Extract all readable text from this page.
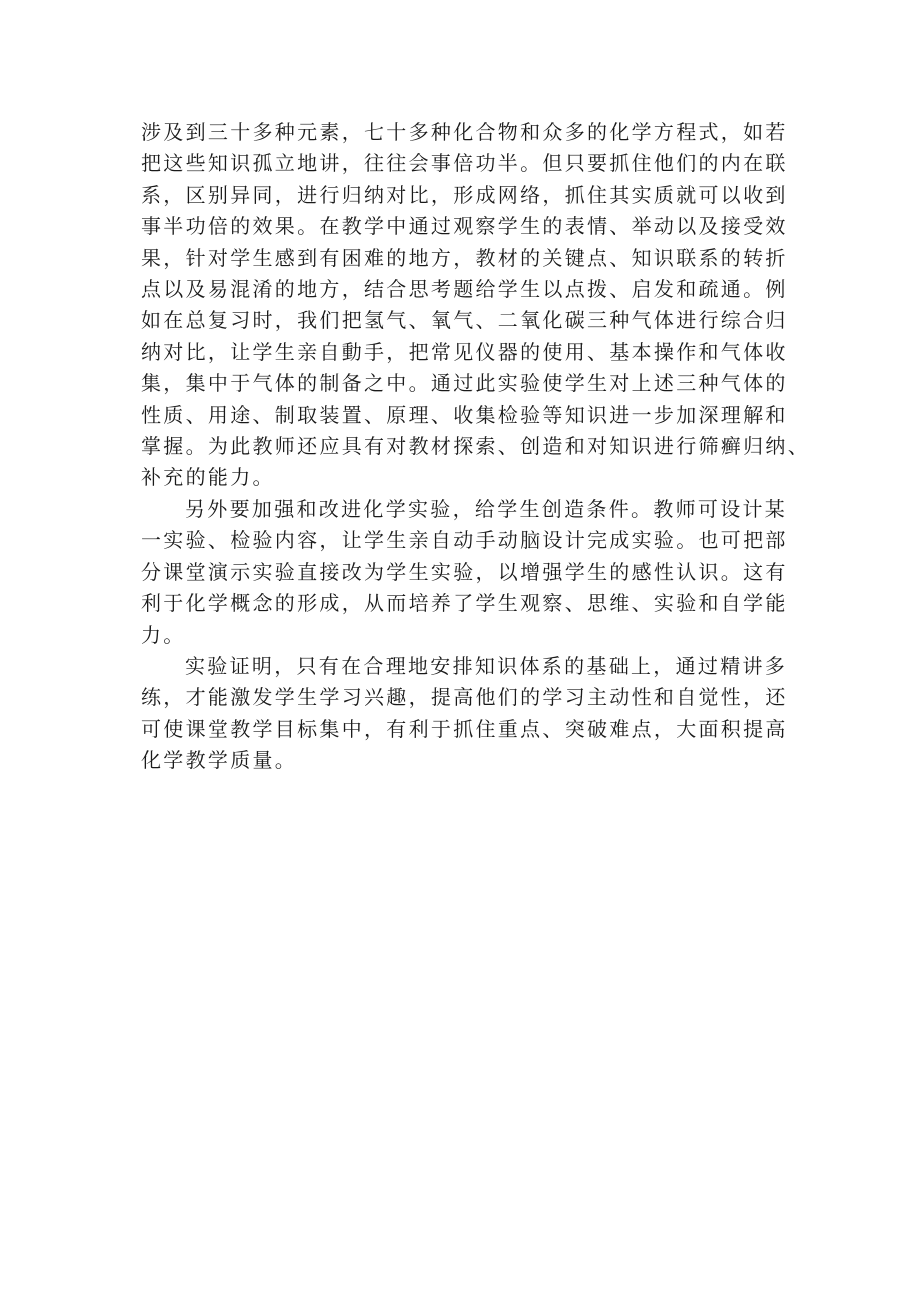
涉及到三十多种元素，七十多种化合物和众多的化学方程式，如若
把这些知识孤立地讲，往往会事倍功半。但只要抓住他们的内在联
系，区别异同，进行归纳对比，形成网络，抓住其实质就可以收到
事半功倍的效果。在教学中通过观察学生的表情、举动以及接受效
果，针对学生感到有困难的地方，教材的关键点、知识联系的转折
点以及易混淆的地方，结合思考题给学生以点拨、启发和疏通。例
如在总复习时，我们把氢气、氧气、二氧化碳三种气体进行综合归
纳对比，让学生亲自動手，把常见仪器的使用、基本操作和气体收
集，集中于气体的制备之中。通过此实验使学生对上述三种气体的
性质、用途、制取装置、原理、收集检验等知识进一步加深理解和
掌握。为此教师还应具有对教材探索、创造和对知识进行筛癣归纳、
补充的能力。
另外要加强和改进化学实验，给学生创造条件。教师可设计某
一实验、检验内容，让学生亲自动手动脑设计完成实验。也可把部
分课堂演示实验直接改为学生实验，以增强学生的感性认识。这有
利于化学概念的形成，从而培养了学生观察、思维、实验和自学能
力。
实验证明，只有在合理地安排知识体系的基础上，通过精讲多
练，才能激发学生学习兴趣，提高他们的学习主动性和自觉性，还
可使课堂教学目标集中，有利于抓住重点、突破难点，大面积提高
化学教学质量。
